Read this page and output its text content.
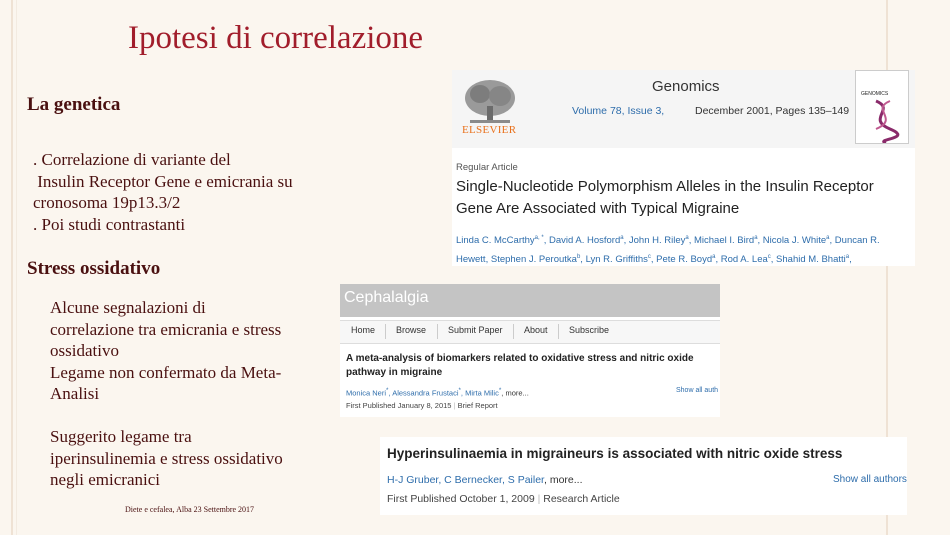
Ipotesi di correlazione
La genetica
. Correlazione di variante del
Insulin Receptor Gene e emicrania su
cronosoma 19p13.3/2
. Poi studi contrastanti
Stress ossidativo
Alcune segnalazioni di
correlazione tra emicrania e stress
ossidativo
Legame non confermato da Meta-
Analisi
Suggerito legame tra
iperinsulinemia e stress ossidativo
negli emicranici
Diete e cefalea, Alba 23 Settembre 2017
ELSEVIER
Genomics
Volume 78, Issue 3,	December 2001, Pages 135–149
GENOMICS
Regular Article
Single-Nucleotide Polymorphism Alleles in the Insulin Receptor
Gene Are Associated with Typical Migraine
Linda C. McCarthy$^{a, *}$, David A. Hosford$^a$, John H. Riley$^a$, Michael I. Bird$^a$, Nicola J. White$^a$, Duncan R.
Hewett, Stephen J. Peroutka$^b$, Lyn R. Griffiths$^c$, Pete R. Boyd$^a$, Rod A. Lea$^c$, Shahid M. Bhatti$^a$,
Cephalalgia
Home Browse Submit Paper About Subscribe
A meta-analysis of biomarkers related to oxidative stress and nitric oxide
pathway in migraine
Monica Neri*, Alessandra Frustaci*, Mirta Milic*, more...	Show all auth
First Published January 8, 2015 | Brief Report
Hyperinsulinaemia in migraineurs is associated with nitric oxide stress
H-J Gruber, C Bernecker, S Pailer, more...	Show all authors
First Published October 1, 2009 | Research Article
